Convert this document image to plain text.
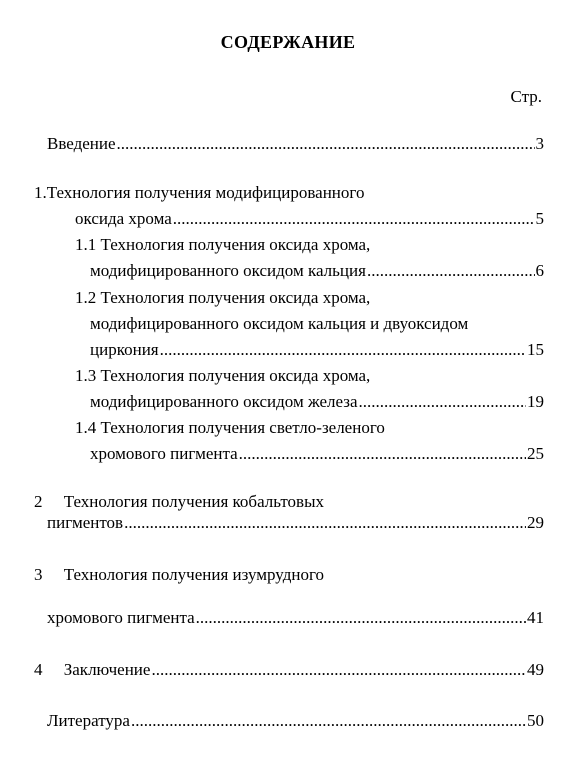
СОДЕРЖАНИЕ
Стр.
Введение .....	3
1.Технология получения модифицированного
оксида хрома .....	5
1.1 Технология получения оксида хрома,
модифицированного оксидом кальция .....	6
1.2 Технология получения оксида хрома,
модифицированного оксидом кальция и двуоксидом
циркония .....	15
1.3 Технология получения оксида хрома,
модифицированного оксидом железа .....	19
1.4 Технология получения светло-зеленого
хромового пигмента .....	25
2     Технология получения кобальтовых
пигментов .....	29
3     Технология получения изумрудного
хромового пигмента .....	41
4     Заключение .....	49
Литература .....	50
